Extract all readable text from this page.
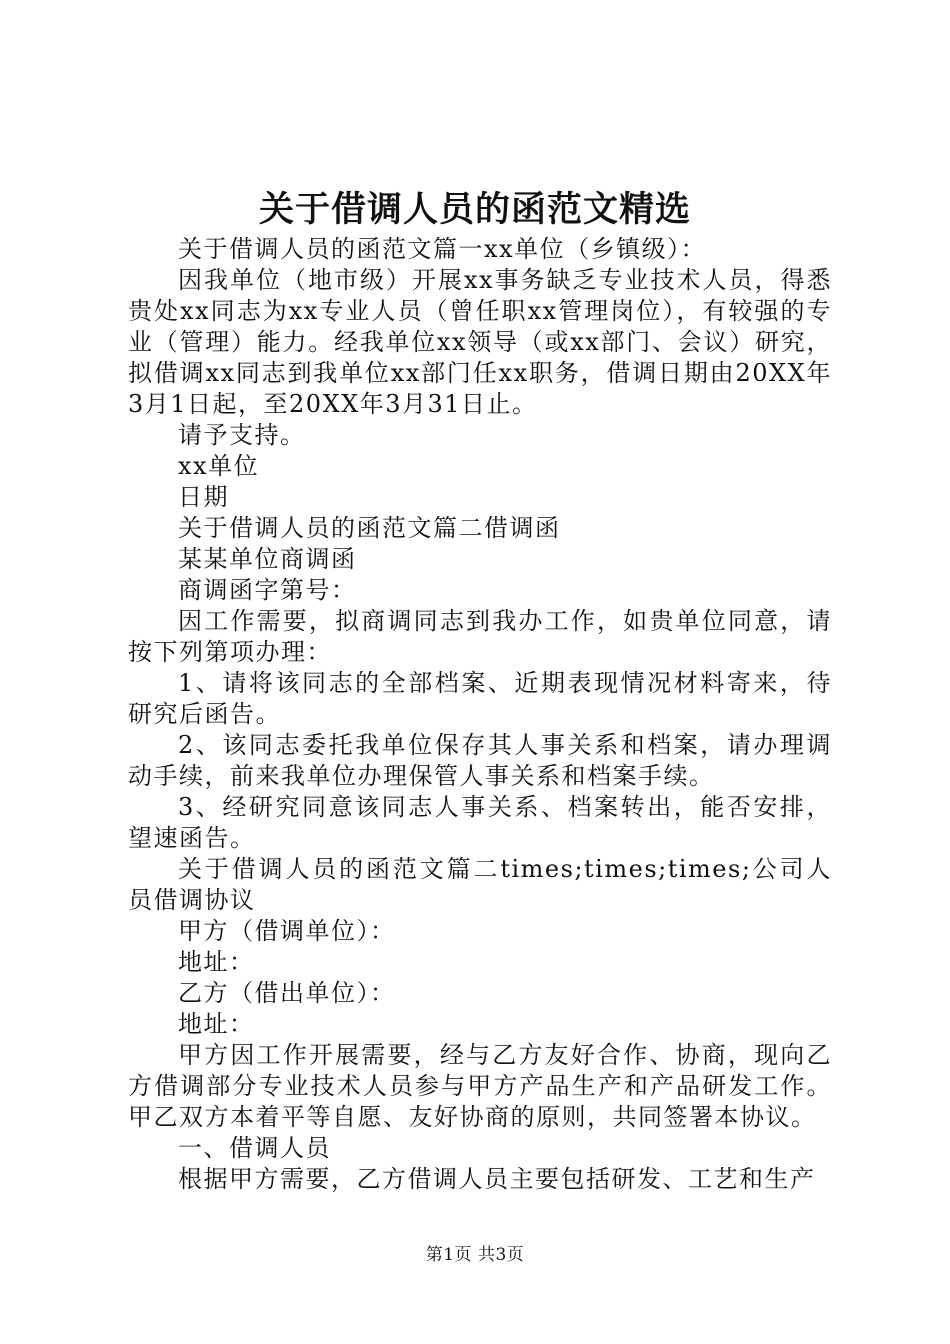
关于借调人员的函范文精选

关于借调人员的函范文篇一xx单位（乡镇级）：

因我单位（地市级）开展xx事务缺乏专业技术人员，得悉贵处xx同志为xx专业人员（曾任职xx管理岗位），有较强的专业（管理）能力。经我单位xx领导（或xx部门、会议）研究，拟借调xx同志到我单位xx部门任xx职务，借调日期由20XX年3月1日起，至20XX年3月31日止。

请予支持。

xx单位

日期

关于借调人员的函范文篇二借调函

某某单位商调函

商调函字第号：

因工作需要，拟商调同志到我办工作，如贵单位同意，请按下列第项办理：

1、请将该同志的全部档案、近期表现情况材料寄来，待研究后函告。

2、该同志委托我单位保存其人事关系和档案，请办理调动手续，前来我单位办理保管人事关系和档案手续。

3、经研究同意该同志人事关系、档案转出，能否安排，望速函告。

关于借调人员的函范文篇二times;times;times;公司人员借调协议

甲方（借调单位）：

地址：

乙方（借出单位）：

地址：

甲方因工作开展需要，经与乙方友好合作、协商，现向乙方借调部分专业技术人员参与甲方产品生产和产品研发工作。甲乙双方本着平等自愿、友好协商的原则，共同签署本协议。

一、借调人员

根据甲方需要，乙方借调人员主要包括研发、工艺和生产

第1页 共3页
